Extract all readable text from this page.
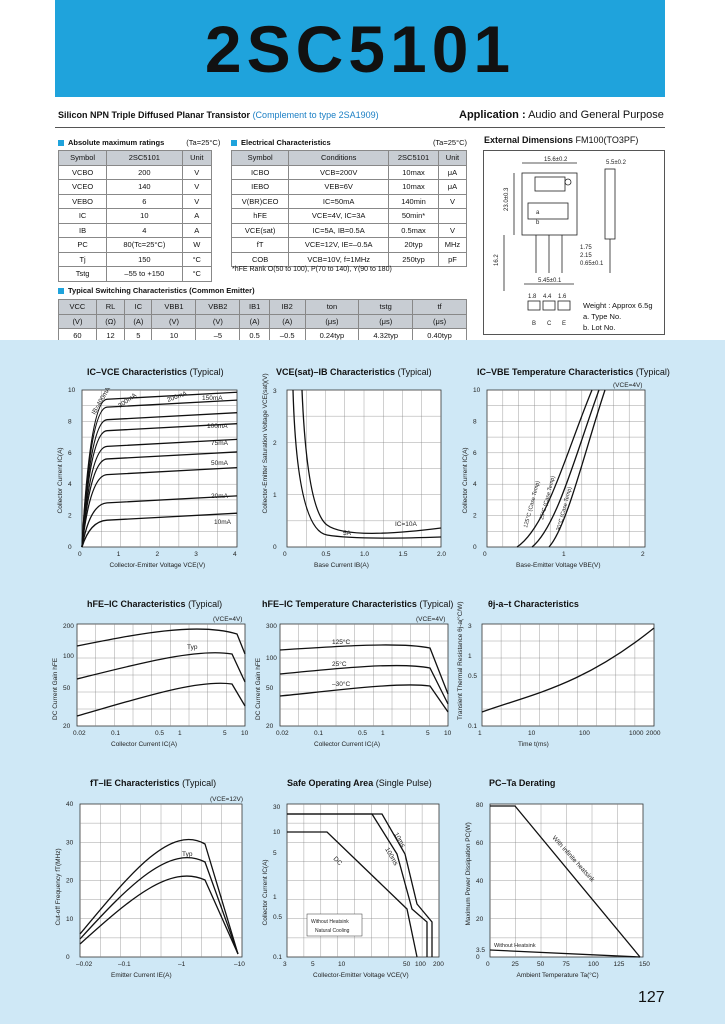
2SC5101
Silicon NPN Triple Diffused Planar Transistor (Complement to type 2SA1909)	Application : Audio and General Purpose
Absolute maximum ratings	(Ta=25°C)
Symbol	2SC5101	Unit
VCBO	200	V
VCEO	140	V
VEBO	6	V
IC	10	A
IB	4	A
PC	80(Tc=25°C)	W
Tj	150	°C
Tstg	–55 to +150	°C
Electrical Characteristics	(Ta=25°C)
Symbol	Conditions	2SC5101	Unit
ICBO	VCB=200V	10max	μA
IEBO	VEB=6V	10max	μA
V(BR)CEO	IC=50mA	140min	V
hFE	VCE=4V, IC=3A	50min*	
VCE(sat)	IC=5A, IB=0.5A	0.5max	V
fT	VCE=12V, IE=–0.5A	20typ	MHz
COB	VCB=10V, f=1MHz	250typ	pF
*hFE Rank O(50 to 100), P(70 to 140), Y(90 to 180)
Typical Switching Characteristics (Common Emitter)
VCC	RL	IC	VBB1	VBB2	IB1	IB2	ton	tstg	tf
(V)	(Ω)	(A)	(V)	(V)	(A)	(A)	(μs)	(μs)	(μs)
60	12	5	10	–5	0.5	–0.5	0.24typ	4.32typ	0.40typ
External Dimensions FM100(TO3PF)
15.6±0.2
23.0±0.3
16.2
a
b
5.5±0.2
1.75
2.15
0.65±0.1
5.45±0.1
1.8 4.4 1.6
B C E
Weight : Approx 6.5g
a. Type No.
b. Lot No.
IC–VCE Characteristics (Typical)	VCE(sat)–IB Characteristics (Typical)	IC–VBE Temperature Characteristics (Typical)
hFE–IC Characteristics (Typical)	hFE–IC Temperature Characteristics (Typical)	θj-a–t Characteristics
fT–IE Characteristics (Typical)	Safe Operating Area (Single Pulse)	PC–Ta Derating
0	1	2	3	4
0
2
4
6
8
10
Collector-Emitter Voltage VCE(V)
Collector Current IC(A)
IB=400mA 300mA	200mA 150mA
100mA
75mA
50mA
20mA
10mA
0	0.5	1.0	1.5	2.0
0
1
2
3
Base Current IB(A)
Collector-Emitter Saturation Voltage VCE(sat)(V)
IC=10A
5A
0	1	2
0
2
4
6
8
10
Base-Emitter Voltage VBE(V)
Collector Current IC(A)
(VCE=4V)
125°C (Case Temp)
25°C (Case Temp)
–30°C (Case Temp)
0.02	0.1	0.5 1	5 10
20
50
100
200
Collector Current IC(A)
DC Current Gain hFE
(VCE=4V)
Typ
0.02	0.1	0.5 1	5 10
20
50
100
300
Collector Current IC(A)
DC Current Gain hFE
(VCE=4V)
125°C
25°C
–30°C
1	10	100	1000 2000
0.1
0.5
1
3
Time t(ms)
Transient Thermal Resistance θj-a(°C/W)
–0.02	–0.1	–1	–10
0
10
20
30
40
Emitter Current IE(A)
Cut-off Frequency fT(MHz)
(VCE=12V)
Typ
3	5	10	50 100 200
0.1
0.5
1
5
10
30
Collector-Emitter Voltage VCE(V)
Collector Current IC(A)
10ms
100ms
DC
Without Heatsink
Natural Cooling
0	25	50	75	100 125 150
0
3.5
20
40
60
80
Ambient Temperature Ta(°C)
Maximum Power Dissipation PC(W)	With infinite heatsink
Without Heatsink
127
